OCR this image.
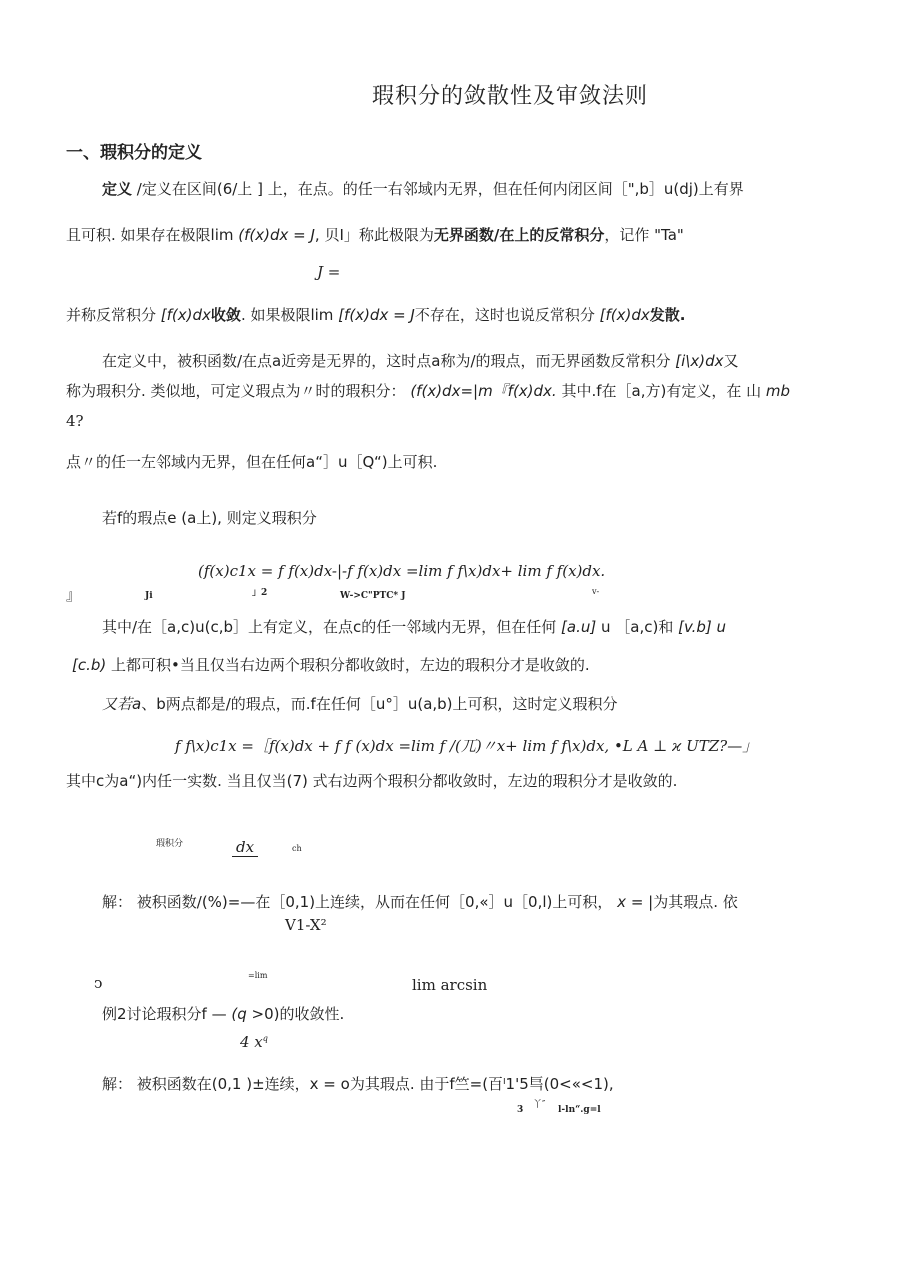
瑕积分的敛散性及审敛法则
一、瑕积分的定义
定义 /定义在区间(6/上 ] 上，在点。的任一右邻域内无界，但在任何内闭区间［",b］u(dj)上有界
且可积. 如果存在极限lim (f(x)dx = J, 贝I」称此极限为无界函数/在上的反常积分，记作 "Ta"
J =
并称反常积分 [f(x)dx收敛. 如果极限lim [f(x)dx = J不存在，这时也说反常积分 [f(x)dx发散.
在定义中，被积函数/在点a近旁是无界的，这时点a称为/的瑕点，而无界函数反常积分 [i\x)dx又
称为瑕积分. 类似地，可定义瑕点为〃时的瑕积分： (f(x)dx=|m『f(x)dx. 其中.f在［a,方)有定义，在 山 mb
4?
点〃的任一左邻域内无界，但在任何a“］u［Q“)上可积.
若f的瑕点e (a上), 则定义瑕积分
(f(x)c1x = f f(x)dx-|-f f(x)dx =lim f f\x)dx+ lim f f(x)dx.
』	Ji	」2	W->C"PTC* J	v-
其中/在［a,c)u(c,b］上有定义，在点c的任一邻域内无界，但在任何 [a.u] u ［a,c)和 [v.b] u
[c.b) 上都可积•当且仅当右边两个瑕积分都收敛时，左边的瑕积分才是收敛的.
又若a、b两点都是/的瑕点，而.f在任何［u°］u(a,b)上可积，这时定义瑕积分
f f\x)c1x =［f(x)dx + f f (x)dx =lim f /(兀)〃x+ lim f f\x)dx, •L A ⊥ ϰ UTZ?—」
其中c为a“)内任一实数. 当且仅当(7) 式右边两个瑕积分都收敛时，左边的瑕积分才是收敛的.
瑕积分	dx	ch
解： 被积函数/(%)=—在［0,1)上连续，从而在任何［0,«］u［0,l)上可积， x = |为其瑕点. 依
V1-X²
=lim
ͻ	lim arcsin
例2讨论瑕积分f — (q >0)的收敛性.
4 $x^q$
解： 被积函数在(0,1 )±连续，x = o为其瑕点. 由于f竺=(百ˡ1'5巪(0<«<1),
3 丫″ l-ln“.g=l
